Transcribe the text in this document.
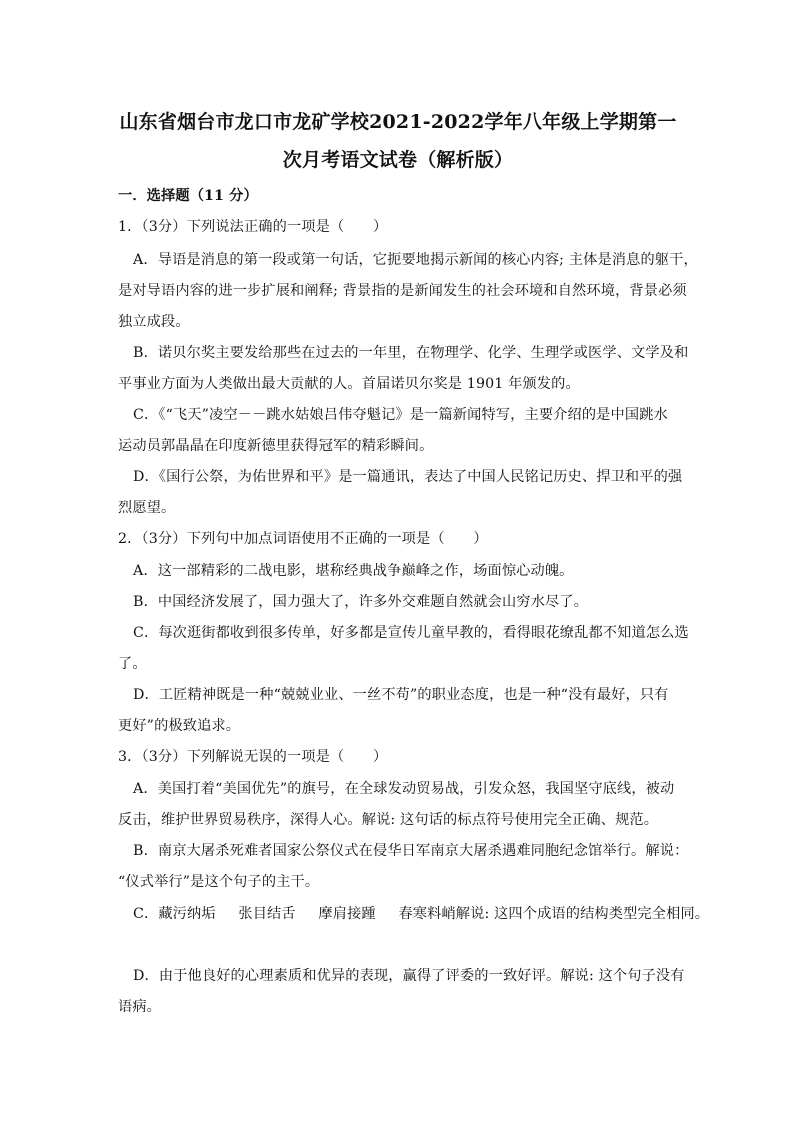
山东省烟台市龙口市龙矿学校2021-2022学年八年级上学期第一
次月考语文试卷（解析版）
一．选择题（11 分）
1．（3分）下列说法正确的一项是（　　）
A．导语是消息的第一段或第一句话，它扼要地揭示新闻的核心内容; 主体是消息的躯干，
是对导语内容的进一步扩展和阐释; 背景指的是新闻发生的社会环境和自然环境，背景必须
独立成段。
B．诺贝尔奖主要发给那些在过去的一年里，在物理学、化学、生理学或医学、文学及和
平事业方面为人类做出最大贡献的人。首届诺贝尔奖是 1901 年颁发的。
C．《“飞天”凌空－－跳水姑娘吕伟夺魁记》是一篇新闻特写，主要介绍的是中国跳水
运动员郭晶晶在印度新德里获得冠军的精彩瞬间。
D．《国行公祭，为佑世界和平》是一篇通讯，表达了中国人民铭记历史、捍卫和平的强
烈愿望。
2．（3分）下列句中加点词语使用不正确的一项是（　　）
A．这一部精彩的二战电影，堪称经典战争巅峰之作，场面惊心动魄。
B．中国经济发展了，国力强大了，许多外交难题自然就会山穷水尽了。
C．每次逛街都收到很多传单，好多都是宣传儿童早教的，看得眼花缭乱都不知道怎么选
了。
D．工匠精神既是一种“兢兢业业、一丝不苟”的职业态度，也是一种“没有最好，只有
更好”的极致追求。
3．（3分）下列解说无误的一项是（　　）
A．美国打着“美国优先”的旗号，在全球发动贸易战，引发众怒，我国坚守底线，被动
反击，维护世界贸易秩序，深得人心。解说: 这句话的标点符号使用完全正确、规范。
B．南京大屠杀死难者国家公祭仪式在侵华日军南京大屠杀遇难同胞纪念馆举行。解说：
“仪式举行”是这个句子的主干。
C．藏污纳垢 张目结舌 摩肩接踵 春寒料峭解说: 这四个成语的结构类型完全相同。
D．由于他良好的心理素质和优异的表现，赢得了评委的一致好评。解说: 这个句子没有
语病。
